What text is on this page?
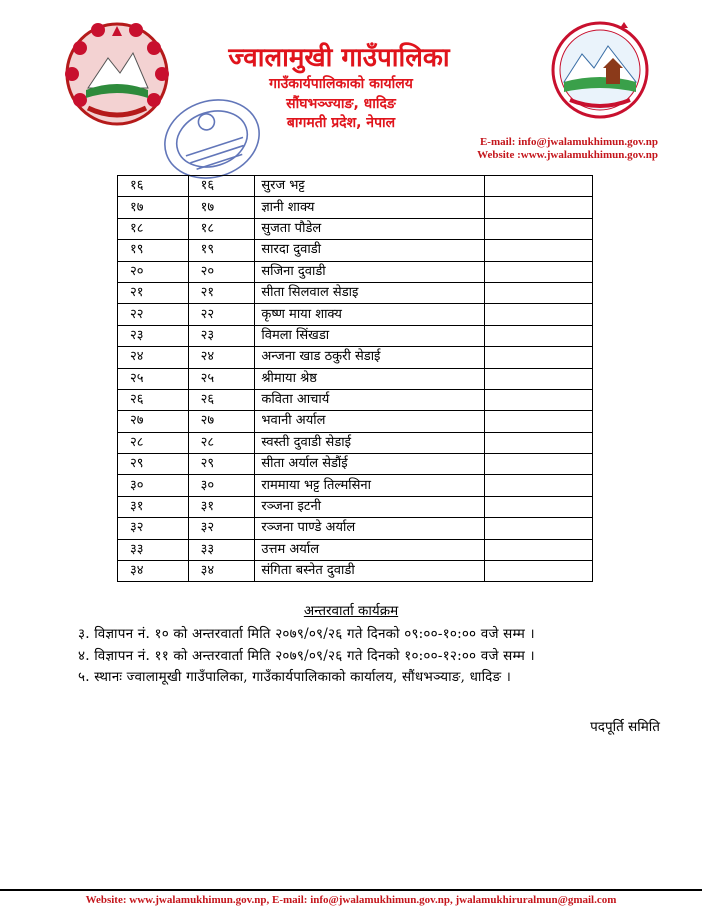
ज्वालामुखी गाउँपालिका
गाउँकार्यपालिकाको कार्यालय
सौंघभञ्ज्याङ, धादिङ
बागमती प्रदेश, नेपाल
E-mail: info@jwalamukhimun.gov.np
Website :www.jwalamukhimun.gov.np
१६	१६	सुरज भट्ट	
१७	१७	ज्ञानी शाक्य	
१८	१८	सुजता पौडेल	
१९	१९	सारदा दुवाडी	
२०	२०	सजिना दुवाडी	
२१	२१	सीता सिलवाल सेडाइ	
२२	२२	कृष्ण माया शाक्य	
२३	२३	विमला सिंखडा	
२४	२४	अन्जना खाड ठकुरी सेडाई	
२५	२५	श्रीमाया श्रेष्ठ	
२६	२६	कविता आचार्य	
२७	२७	भवानी अर्याल	
२८	२८	स्वस्ती दुवाडी सेडाई	
२९	२९	सीता अर्याल सेडौंई	
३०	३०	राममाया भट्ट तिल्मसिना	
३१	३१	रञ्जना इटनी	
३२	३२	रञ्जना पाण्डे अर्याल	
३३	३३	उत्तम अर्याल	
३४	३४	संगिता बस्नेत दुवाडी	
अन्तरवार्ता कार्यक्रम
३. विज्ञापन नं. १० को अन्तरवार्ता मिति २०७९/०९/२६ गते दिनको ०९:००-१०:०० वजे सम्म ।
४. विज्ञापन नं. ११ को अन्तरवार्ता मिति २०७९/०९/२६ गते दिनको १०:००-१२:०० वजे सम्म ।
५. स्थानः ज्वालामूखी गाउँपालिका, गाउँकार्यपालिकाको कार्यालय, सौंधभञ्याङ, धादिङ ।
पदपूर्ति समिति
Website: www.jwalamukhimun.gov.np, E-mail: info@jwalamukhimun.gov.np, jwalamukhiruralmun@gmail.com
